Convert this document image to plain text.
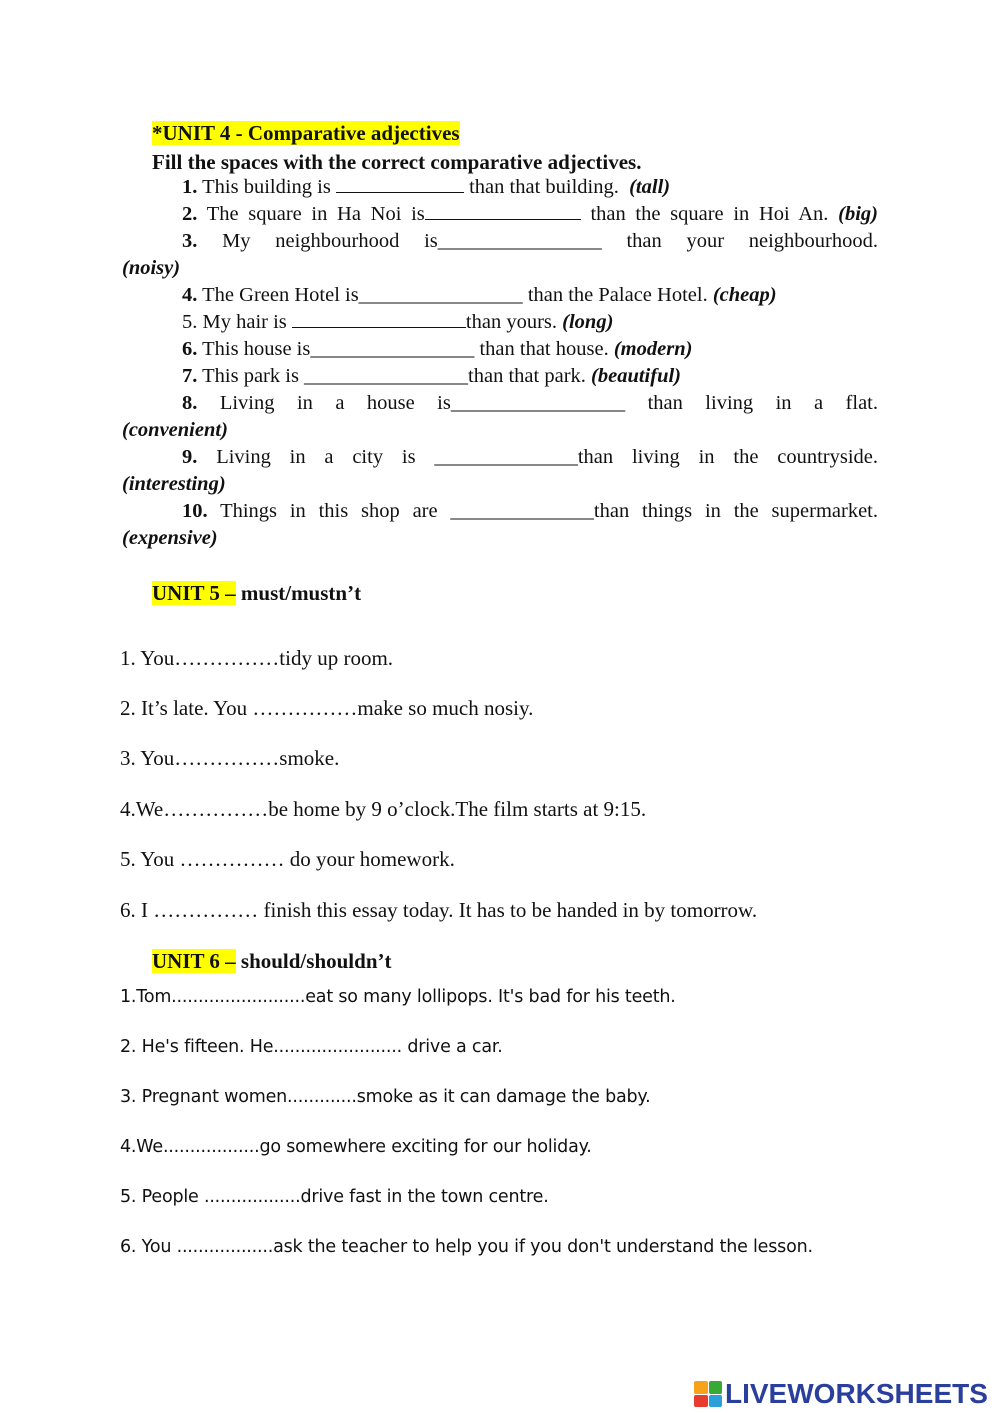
*UNIT 4 - Comparative adjectives
Fill the spaces with the correct comparative adjectives.
1. This building is	than that building. (tall)
2. The square in Ha Noi is	than the square in Hoi An. (big)
3. My neighbourhood is________________ than your neighbourhood.
(noisy)
4. The Green Hotel is________________ than the Palace Hotel. (cheap)
5. My hair is	than yours. (long)
6. This house is________________ than that house. (modern)
7. This park is ________________than that park. (beautiful)
8. Living in a house is_________________ than living in a flat.
(convenient)
9. Living in a city is ______________than living in the countryside.
(interesting)
10. Things in this shop are ______________than things in the supermarket.
(expensive)
UNIT 5 – must/mustn’t
1. You……………tidy up room.
2. It’s late. You ……………make so much nosiy.
3. You……………smoke.
4.We……………be home by 9 o’clock.The film starts at 9:15.
5. You …………… do your homework.
6. I …………… finish this essay today. It has to be handed in by tomorrow.
UNIT 6 – should/shouldn’t
1.Tom.........................eat so many lollipops. It's bad for his teeth.
2. He's fifteen. He........................ drive a car.
3. Pregnant women.............smoke as it can damage the baby.
4.We..................go somewhere exciting for our holiday.
5. People ..................drive fast in the town centre.
6. You ..................ask the teacher to help you if you don't understand the lesson.
LIVEWORKSHEETS
